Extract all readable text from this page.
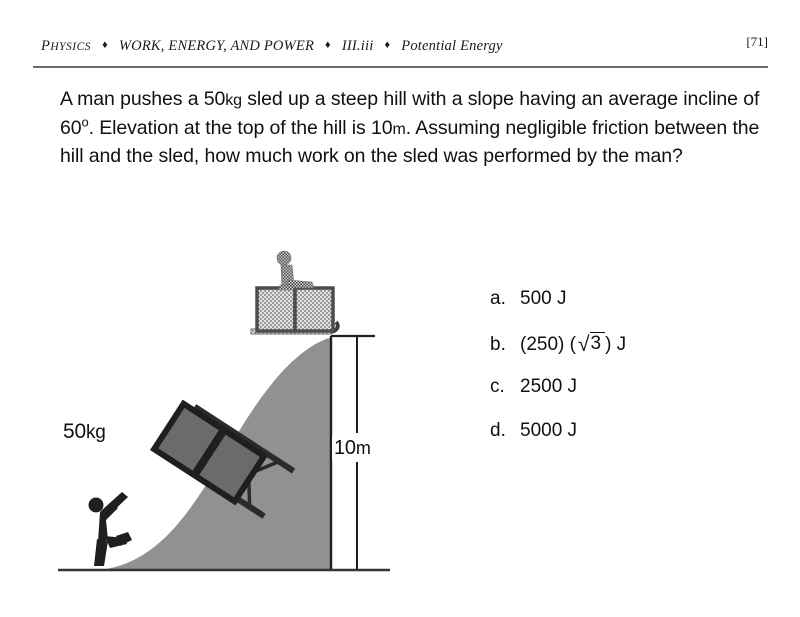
PHYSICS ♦ WORK, ENERGY, AND POWER ♦ III.iii ♦ Potential Energy	[71]
A man pushes a 50kg sled up a steep hill with a slope having an average incline of 60$^o$. Elevation at the top of the hill is 10m. Assuming negligible friction between the hill and the sled, how much work on the sled was performed by the man?
a. 500 J
b. (250) (√3 ) J
c. 2500 J
d. 5000 J
50kg
10m
